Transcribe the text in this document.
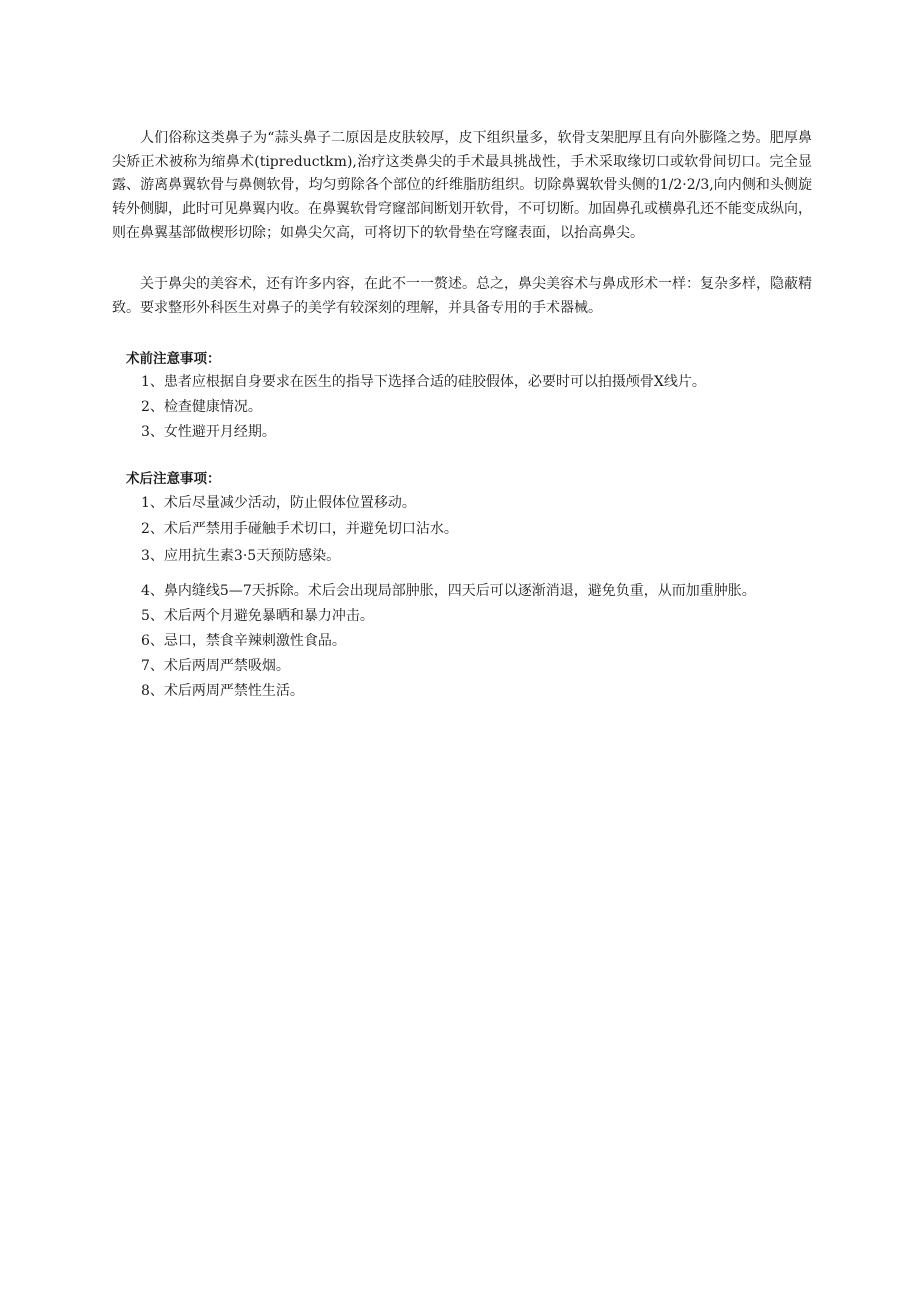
人们俗称这类鼻子为“蒜头鼻子二原因是皮肤较厚，皮下组织量多，软骨支架肥厚且有向外膨隆之势。肥厚鼻尖矫正术被称为缩鼻术(tipreductkm),治疗这类鼻尖的手术最具挑战性，手术采取缘切口或软骨间切口。完全显露、游离鼻翼软骨与鼻侧软骨，均匀剪除各个部位的纤维脂肪组织。切除鼻翼软骨头侧的1/2·2/3,向内侧和头侧旋转外侧脚，此时可见鼻翼内收。在鼻翼软骨穹窿部间断划开软骨，不可切断。加固鼻孔或横鼻孔还不能变成纵向，则在鼻翼基部做楔形切除；如鼻尖欠高，可将切下的软骨垫在穹窿表面，以抬高鼻尖。

关于鼻尖的美容术，还有许多内容，在此不一一赘述。总之，鼻尖美容术与鼻成形术一样：复杂多样，隐蔽精致。要求整形外科医生对鼻子的美学有较深刻的理解，并具备专用的手术器械。

术前注意事项：
1、患者应根据自身要求在医生的指导下选择合适的硅胶假体，必要时可以拍摄颅骨X线片。
2、检查健康情况。
3、女性避开月经期。
术后注意事项：
1、术后尽量减少活动，防止假体位置移动。
2、术后严禁用手碰触手术切口，并避免切口沾水。
3、应用抗生素3·5天预防感染。
4、鼻内缝线5—7天拆除。术后会出现局部肿胀，四天后可以逐渐消退，避免负重，从而加重肿胀。
5、术后两个月避免暴晒和暴力冲击。
6、忌口，禁食辛辣刺激性食品。
7、术后两周严禁吸烟。
8、术后两周严禁性生活。
